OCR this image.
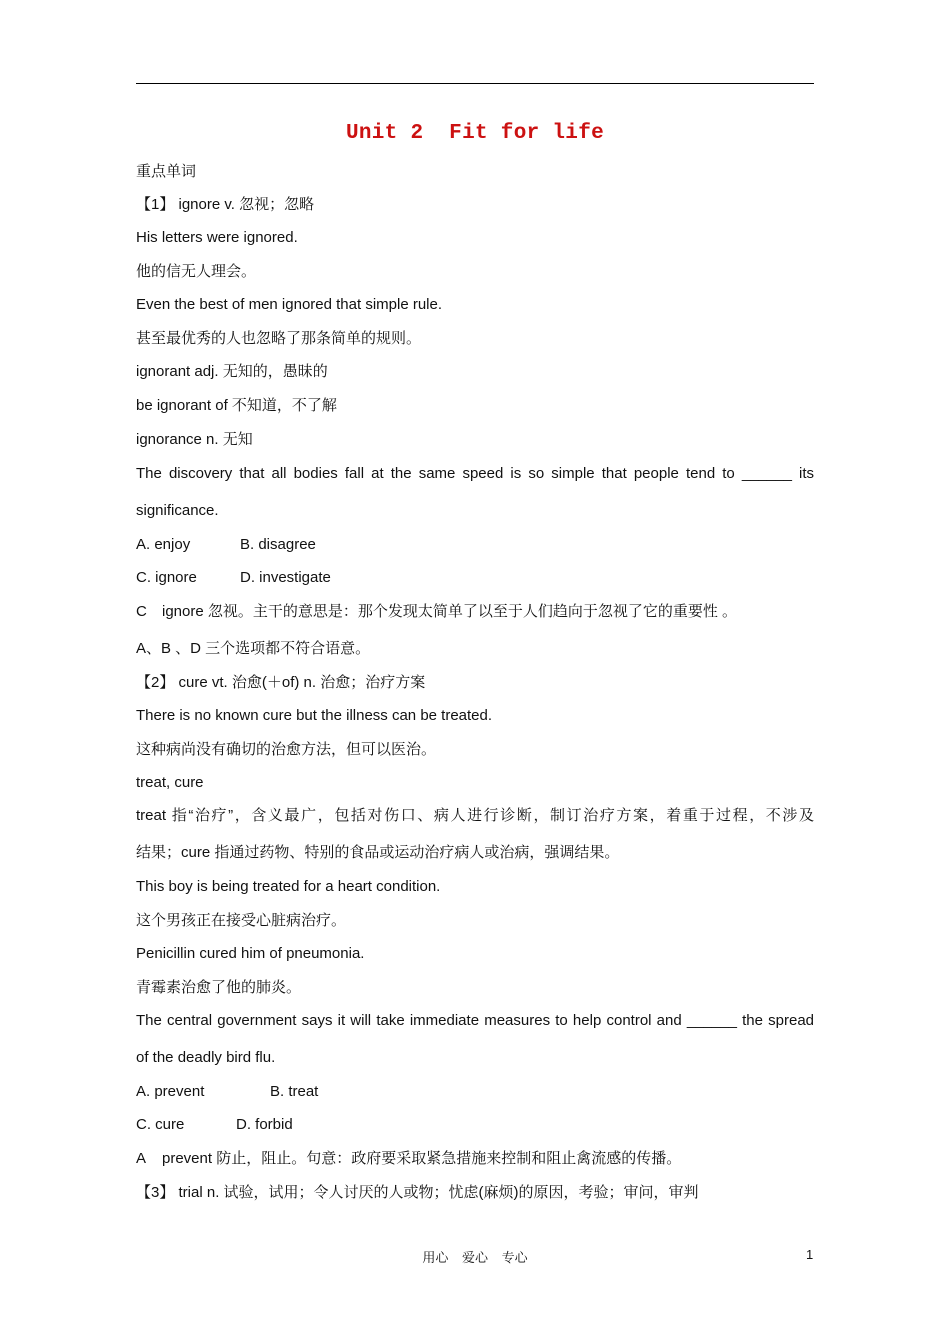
Unit 2  Fit for life
重点单词
【1】 ignore v. 忽视；忽略
His letters were ignored.
他的信无人理会。
Even the best of men ignored that simple rule.
甚至最优秀的人也忽略了那条简单的规则。
ignorant adj. 无知的，愚昧的
be ignorant of 不知道，不了解
ignorance n. 无知
The discovery that all bodies fall at the same speed is so simple that people tend to ______ its
significance.
A. enjoy	B. disagree
C. ignore	D. investigate
C ignore 忽视。主干的意思是：那个发现太简单了以至于人们趋向于忽视了它的重要性 。
A、B 、D 三个选项都不符合语意。
【2】 cure vt. 治愈(＋of) n. 治愈；治疗方案
There is no known cure but the illness can be treated.
这种病尚没有确切的治愈方法，但可以医治。
treat, cure
treat 指“治疗”，含义最广，包括对伤口、病人进行诊断，制订治疗方案，着重于过程，不涉及
结果；cure 指通过药物、特别的食品或运动治疗病人或治病，强调结果。
This boy is being treated for a heart condition.
这个男孩正在接受心脏病治疗。
Penicillin cured him of pneumonia.
青霉素治愈了他的肺炎。
The central government says it will take immediate measures to help control and ______ the spread
of the deadly bird flu.
A. prevent	B. treat
C. cure	D. forbid
A prevent 防止，阻止。句意：政府要采取紧急措施来控制和阻止禽流感的传播。
【3】 trial n. 试验，试用；令人讨厌的人或物；忧虑(麻烦)的原因，考验；审问，审判
用心 爱心 专心	1
